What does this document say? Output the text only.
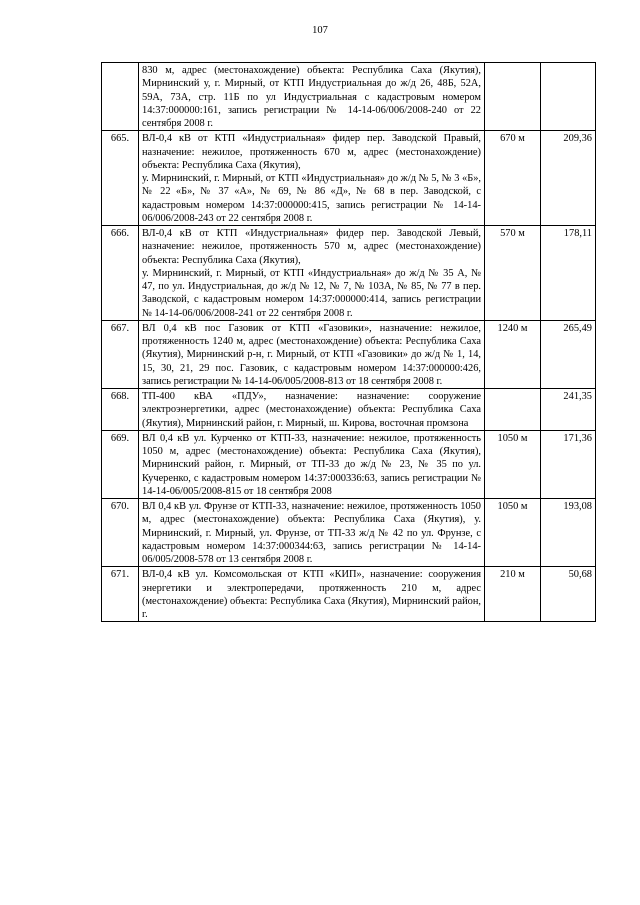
107
	830 м, адрес (местонахождение) объекта: Республика Саха (Якутия), Мирнинский у, г. Мирный, от КТП Индустриальная до ж/д 26, 48Б, 52А, 59А, 73А, стр. 11Б по ул Индустриальная с кадастровым номером 14:37:000000:161, запись регистрации № 14-14-06/006/2008-240 от 22 сентября 2008 г.		
665.	ВЛ-0,4 кВ от КТП «Индустриальная» фидер пер. Заводской Правый, назначение: нежилое, протяженность 670 м, адрес (местонахождение) объекта: Республика Саха (Якутия),
у. Мирнинский, г. Мирный, от КТП «Индустриальная» до ж/д № 5, № 3 «Б», № 22 «Б», № 37 «А», № 69, № 86 «Д», № 68 в пер. Заводской, с кадастровым номером 14:37:000000:415, запись регистрации № 14-14-06/006/2008-243 от 22 сентября 2008 г.	670 м	209,36
666.	ВЛ-0,4 кВ от КТП «Индустриальная» фидер пер. Заводской Левый, назначение: нежилое, протяженность 570 м, адрес (местонахождение) объекта: Республика Саха (Якутия),
у. Мирнинский, г. Мирный, от КТП «Индустриальная» до ж/д № 35 А, № 47, по ул. Индустриальная, до ж/д № 12, № 7, № 103А, № 85, № 77 в пер. Заводской, с кадастровым номером 14:37:000000:414, запись регистрации № 14-14-06/006/2008-241 от 22 сентября 2008 г.	570 м	178,11
667.	ВЛ 0,4 кВ пос Газовик от КТП «Газовики», назначение: нежилое, протяженность 1240 м, адрес (местонахождение) объекта: Республика Саха (Якутия), Мирнинский р-н, г. Мирный, от КТП «Газовики» до ж/д № 1, 14, 15, 30, 21, 29 пос. Газовик, с кадастровым номером 14:37:000000:426, запись регистрации № 14-14-06/005/2008-813 от 18 сентября 2008 г.	1240 м	265,49
668.	ТП-400 кВА «ПДУ», назначение: назначение: сооружение электроэнергетики, адрес (местонахождение) объекта: Республика Саха (Якутия), Мирнинский район, г. Мирный, ш. Кирова, восточная промзона		241,35
669.	ВЛ 0,4 кВ ул. Курченко от КТП-33, назначение: нежилое, протяженность 1050 м, адрес (местонахождение) объекта: Республика Саха (Якутия), Мирнинский район, г. Мирный, от ТП-33 до ж/д № 23, № 35 по ул. Кучеренко, с кадастровым номером 14:37:000336:63, запись регистрации № 14-14-06/005/2008-815 от 18 сентября 2008	1050 м	171,36
670.	ВЛ 0,4 кВ ул. Фрунзе от КТП-33, назначение: нежилое, протяженность 1050 м, адрес (местонахождение) объекта: Республика Саха (Якутия), у. Мирнинский, г. Мирный, ул. Фрунзе, от ТП-33 ж/д № 42 по ул. Фрунзе, с кадастровым номером 14:37:000344:63, запись регистрации № 14-14-06/005/2008-578 от 13 сентября 2008 г.	1050 м	193,08
671.	ВЛ-0,4 кВ ул. Комсомольская от КТП «КИП», назначение: сооружения энергетики и электропередачи, протяженность 210 м, адрес (местонахождение) объекта: Республика Саха (Якутия), Мирнинский район, г.	210 м	50,68
